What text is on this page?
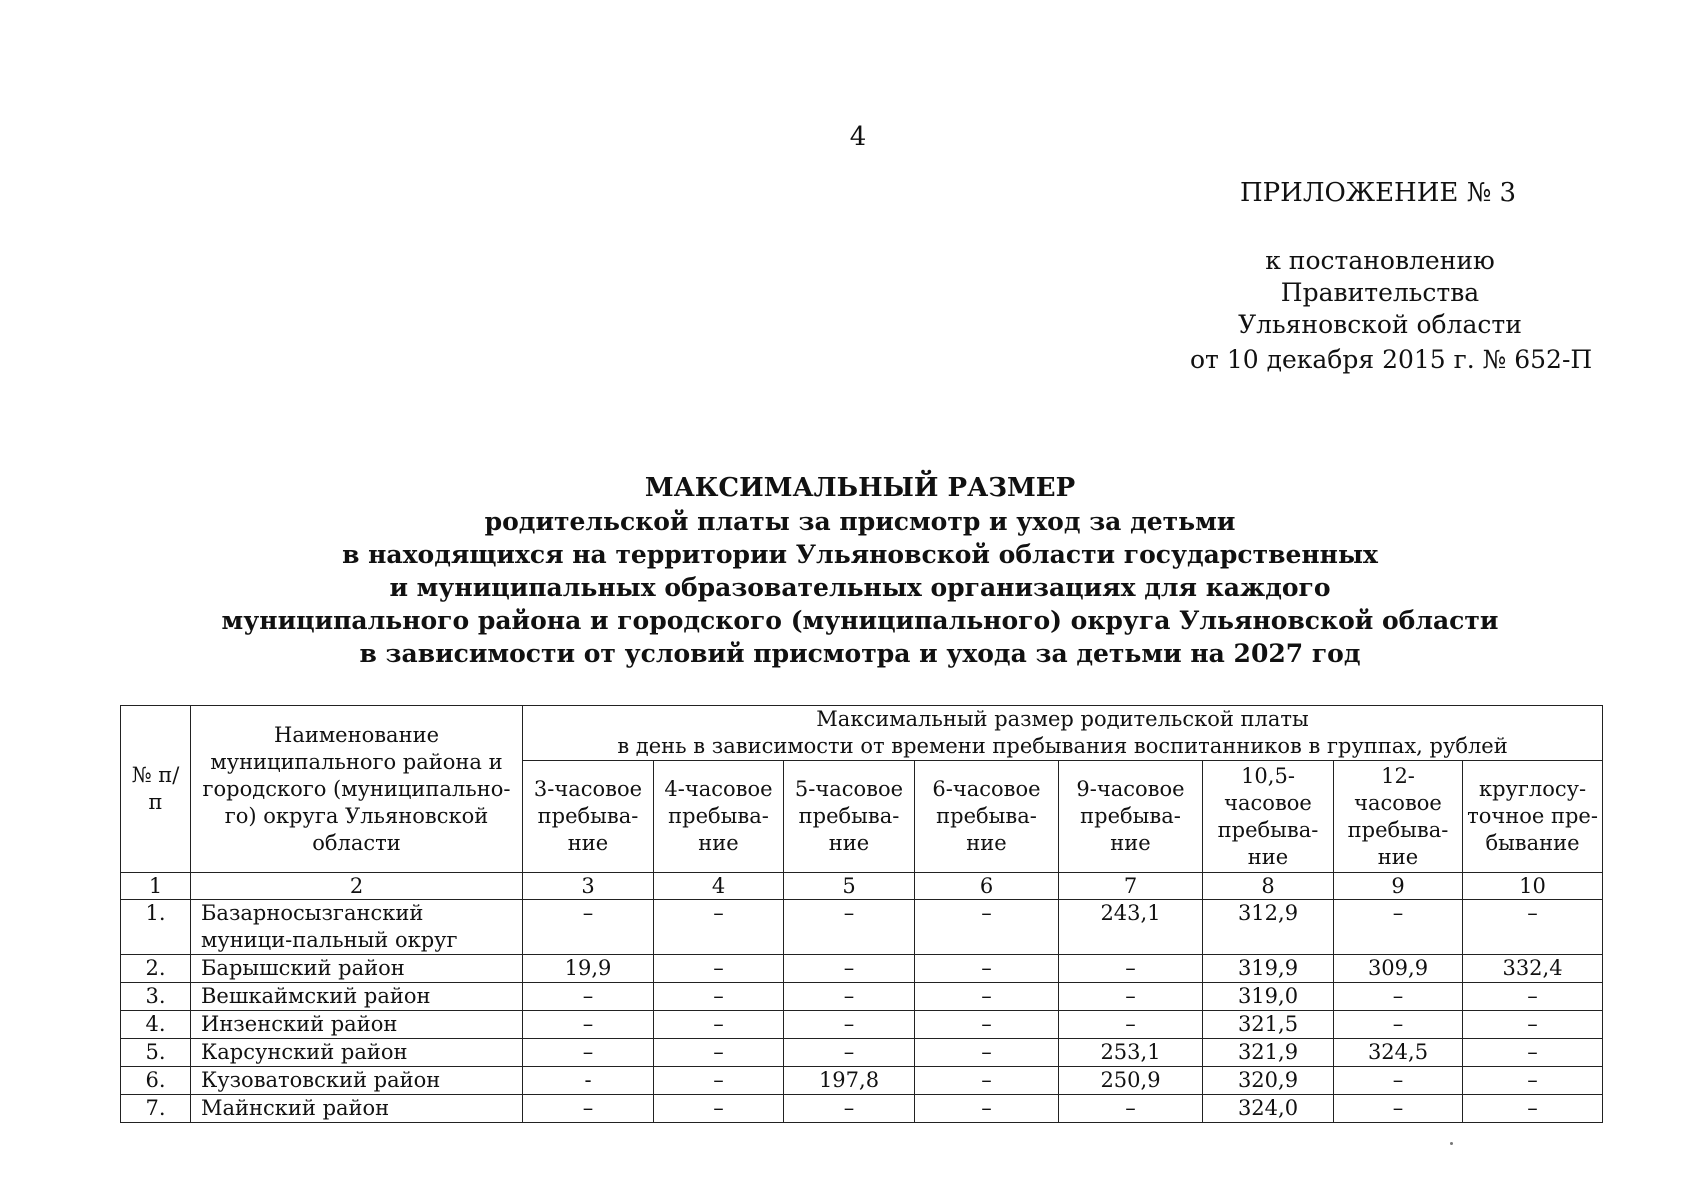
4
ПРИЛОЖЕНИЕ № 3
к постановлению Правительства
Ульяновской области
от 10 декабря 2015 г. № 652-П
МАКСИМАЛЬНЫЙ РАЗМЕР
родительской платы за присмотр и уход за детьми
в находящихся на территории Ульяновской области государственных
и муниципальных образовательных организациях для каждого
муниципального района и городского (муниципального) округа Ульяновской области
в зависимости от условий присмотра и ухода за детьми на 2027 год
№ п/п	Наименование муниципального района и городского (муниципально-го) округа Ульяновской области	Максимальный размер родительской платы
в день в зависимости от времени пребывания воспитанников в группах, рублей							

		3-часовое пребыва-ние	4-часовое пребыва-ние	5-часовое пребыва-ние	6-часовое пребыва-ние	9-часовое пребыва-ние	10,5-часовое пребыва-ние	12-часовое пребыва-ние	круглосу-точное пре-бывание
1	2	3	4	5	6	7	8	9	10
1.	Базарносызганский муници-пальный округ	–	–	–	–	243,1	312,9	–	–
2.	Барышский район	19,9	–	–	–	–	319,9	309,9	332,4
3.	Вешкаймский район	–	–	–	–	–	319,0	–	–
4.	Инзенский район	–	–	–	–	–	321,5	–	–
5.	Карсунский район	–	–	–	–	253,1	321,9	324,5	–
6.	Кузоватовский район	-	–	197,8	–	250,9	320,9	–	–
7.	Майнский район	–	–	–	–	–	324,0	–	–
